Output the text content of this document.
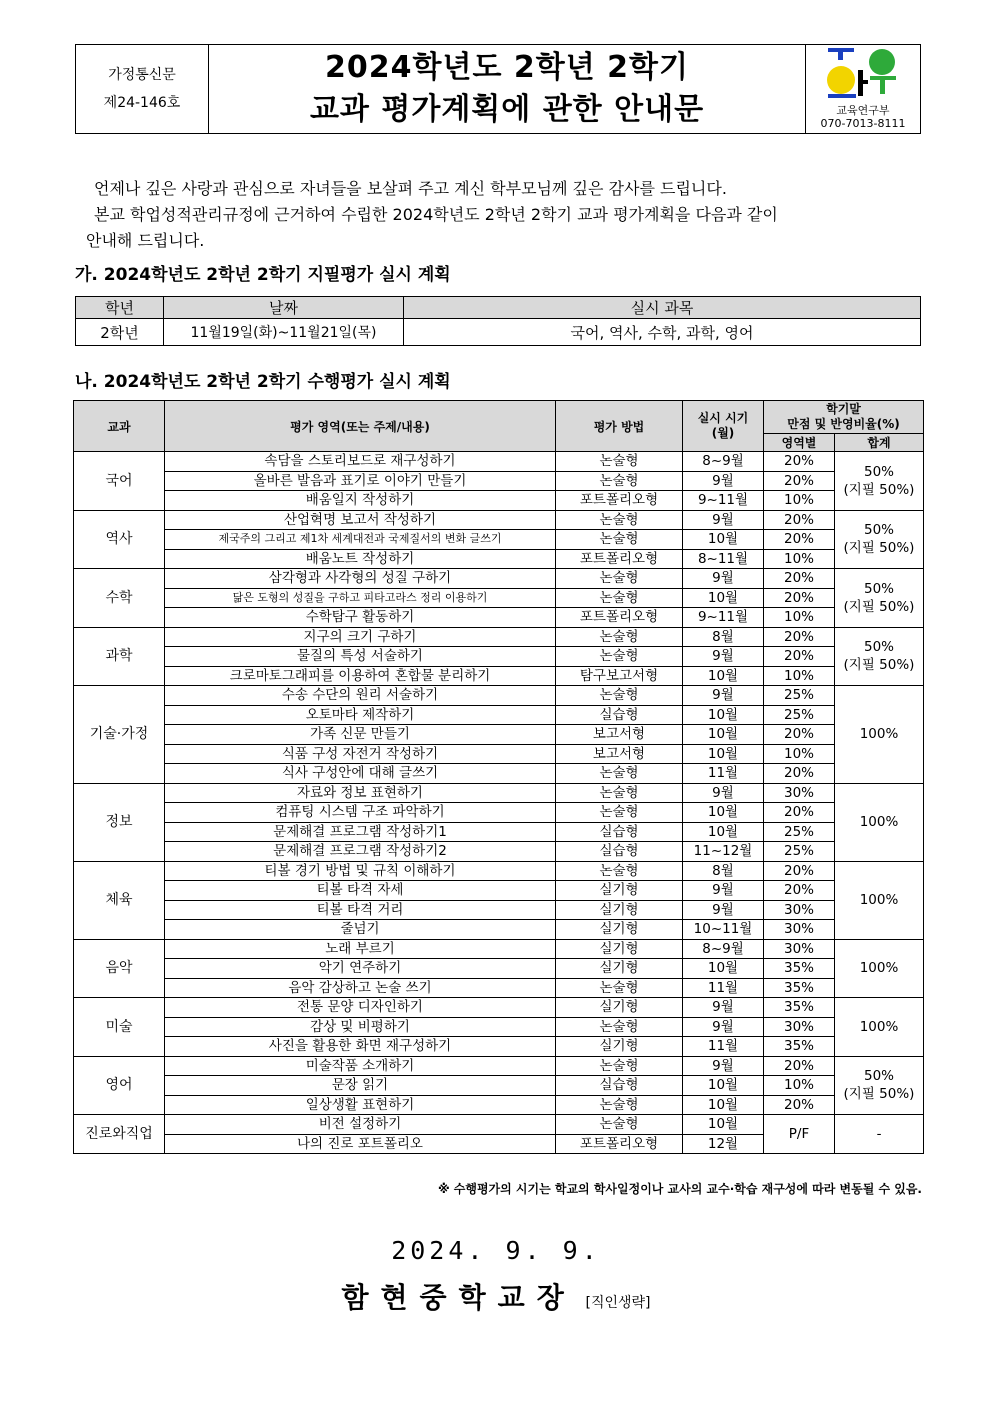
가정통신문
제24-146호
2024학년도 2학년 2학기
교과 평가계획에 관한 안내문	교육연구부
070-7013-8111

언제나 깊은 사랑과 관심으로 자녀들을 보살펴 주고 계신 학부모님께 깊은 감사를 드립니다.

본교 학업성적관리규정에 근거하여 수립한 2024학년도 2학년 2학기 교과 평가계획을 다음과 같이

안내해 드립니다.

가. 2024학년도 2학년 2학기 지필평가 실시 계획
학년	날짜	실시 과목
2학년	11월19일(화)~11월21일(목)	국어, 역사, 수학, 과학, 영어
나. 2024학년도 2학년 2학기 수행평가 실시 계획
교과	평가 영역(또는 주제/내용)	평가 방법	실시 시기
(월)	학기말
만점 및 반영비율(%)	
				영역별	합계
국어	속담을 스토리보드로 재구성하기	논술형	8~9월	20%	50%
(지필 50%)
	올바른 발음과 표기로 이야기 만들기	논술형	9월	20%	
	배움일지 작성하기	포트폴리오형	9~11월	10%	
역사	산업혁명 보고서 작성하기	논술형	9월	20%	50%
(지필 50%)
	제국주의 그리고 제1차 세계대전과 국제질서의 변화 글쓰기	논술형	10월	20%	
	배움노트 작성하기	포트폴리오형	8~11월	10%	
수학	삼각형과 사각형의 성질 구하기	논술형	9월	20%	50%
(지필 50%)
	닮은 도형의 성질을 구하고 피타고라스 정리 이용하기	논술형	10월	20%	
	수학탐구 활동하기	포트폴리오형	9~11월	10%	
과학	지구의 크기 구하기	논술형	8월	20%	50%
(지필 50%)
	물질의 특성 서술하기	논술형	9월	20%	
	크로마토그래피를 이용하여 혼합물 분리하기	탐구보고서형	10월	10%	
기술·가정	수송 수단의 원리 서술하기	논술형	9월	25%	100%
	오토마타 제작하기	실습형	10월	25%	
	가족 신문 만들기	보고서형	10월	20%	
	식품 구성 자전거 작성하기	보고서형	10월	10%	
	식사 구성안에 대해 글쓰기	논술형	11월	20%	
정보	자료와 정보 표현하기	논술형	9월	30%	100%
	컴퓨팅 시스템 구조 파악하기	논술형	10월	20%	
	문제해결 프로그램 작성하기1	실습형	10월	25%	
	문제해결 프로그램 작성하기2	실습형	11~12월	25%	
체육	티볼 경기 방법 및 규칙 이해하기	논술형	8월	20%	100%
	티볼 타격 자세	실기형	9월	20%	
	티볼 타격 거리	실기형	9월	30%	
	줄넘기	실기형	10~11월	30%	
음악	노래 부르기	실기형	8~9월	30%	100%
	악기 연주하기	실기형	10월	35%	
	음악 감상하고 논술 쓰기	논술형	11월	35%	
미술	전통 문양 디자인하기	실기형	9월	35%	100%
	감상 및 비평하기	논술형	9월	30%	
	사진을 활용한 화면 재구성하기	실기형	11월	35%	
영어	미술작품 소개하기	논술형	9월	20%	50%
(지필 50%)
	문장 읽기	실습형	10월	10%	
	일상생활 표현하기	논술형	10월	20%	
진로와직업	비전 설정하기	논술형	10월	P/F	-
	나의 진로 포트폴리오	포트폴리오형	12월		
※ 수행평가의 시기는 학교의 학사일정이나 교사의 교수·학습 재구성에 따라 변동될 수 있음.
2024. 9. 9.
함현중학교장 [직인생략]
